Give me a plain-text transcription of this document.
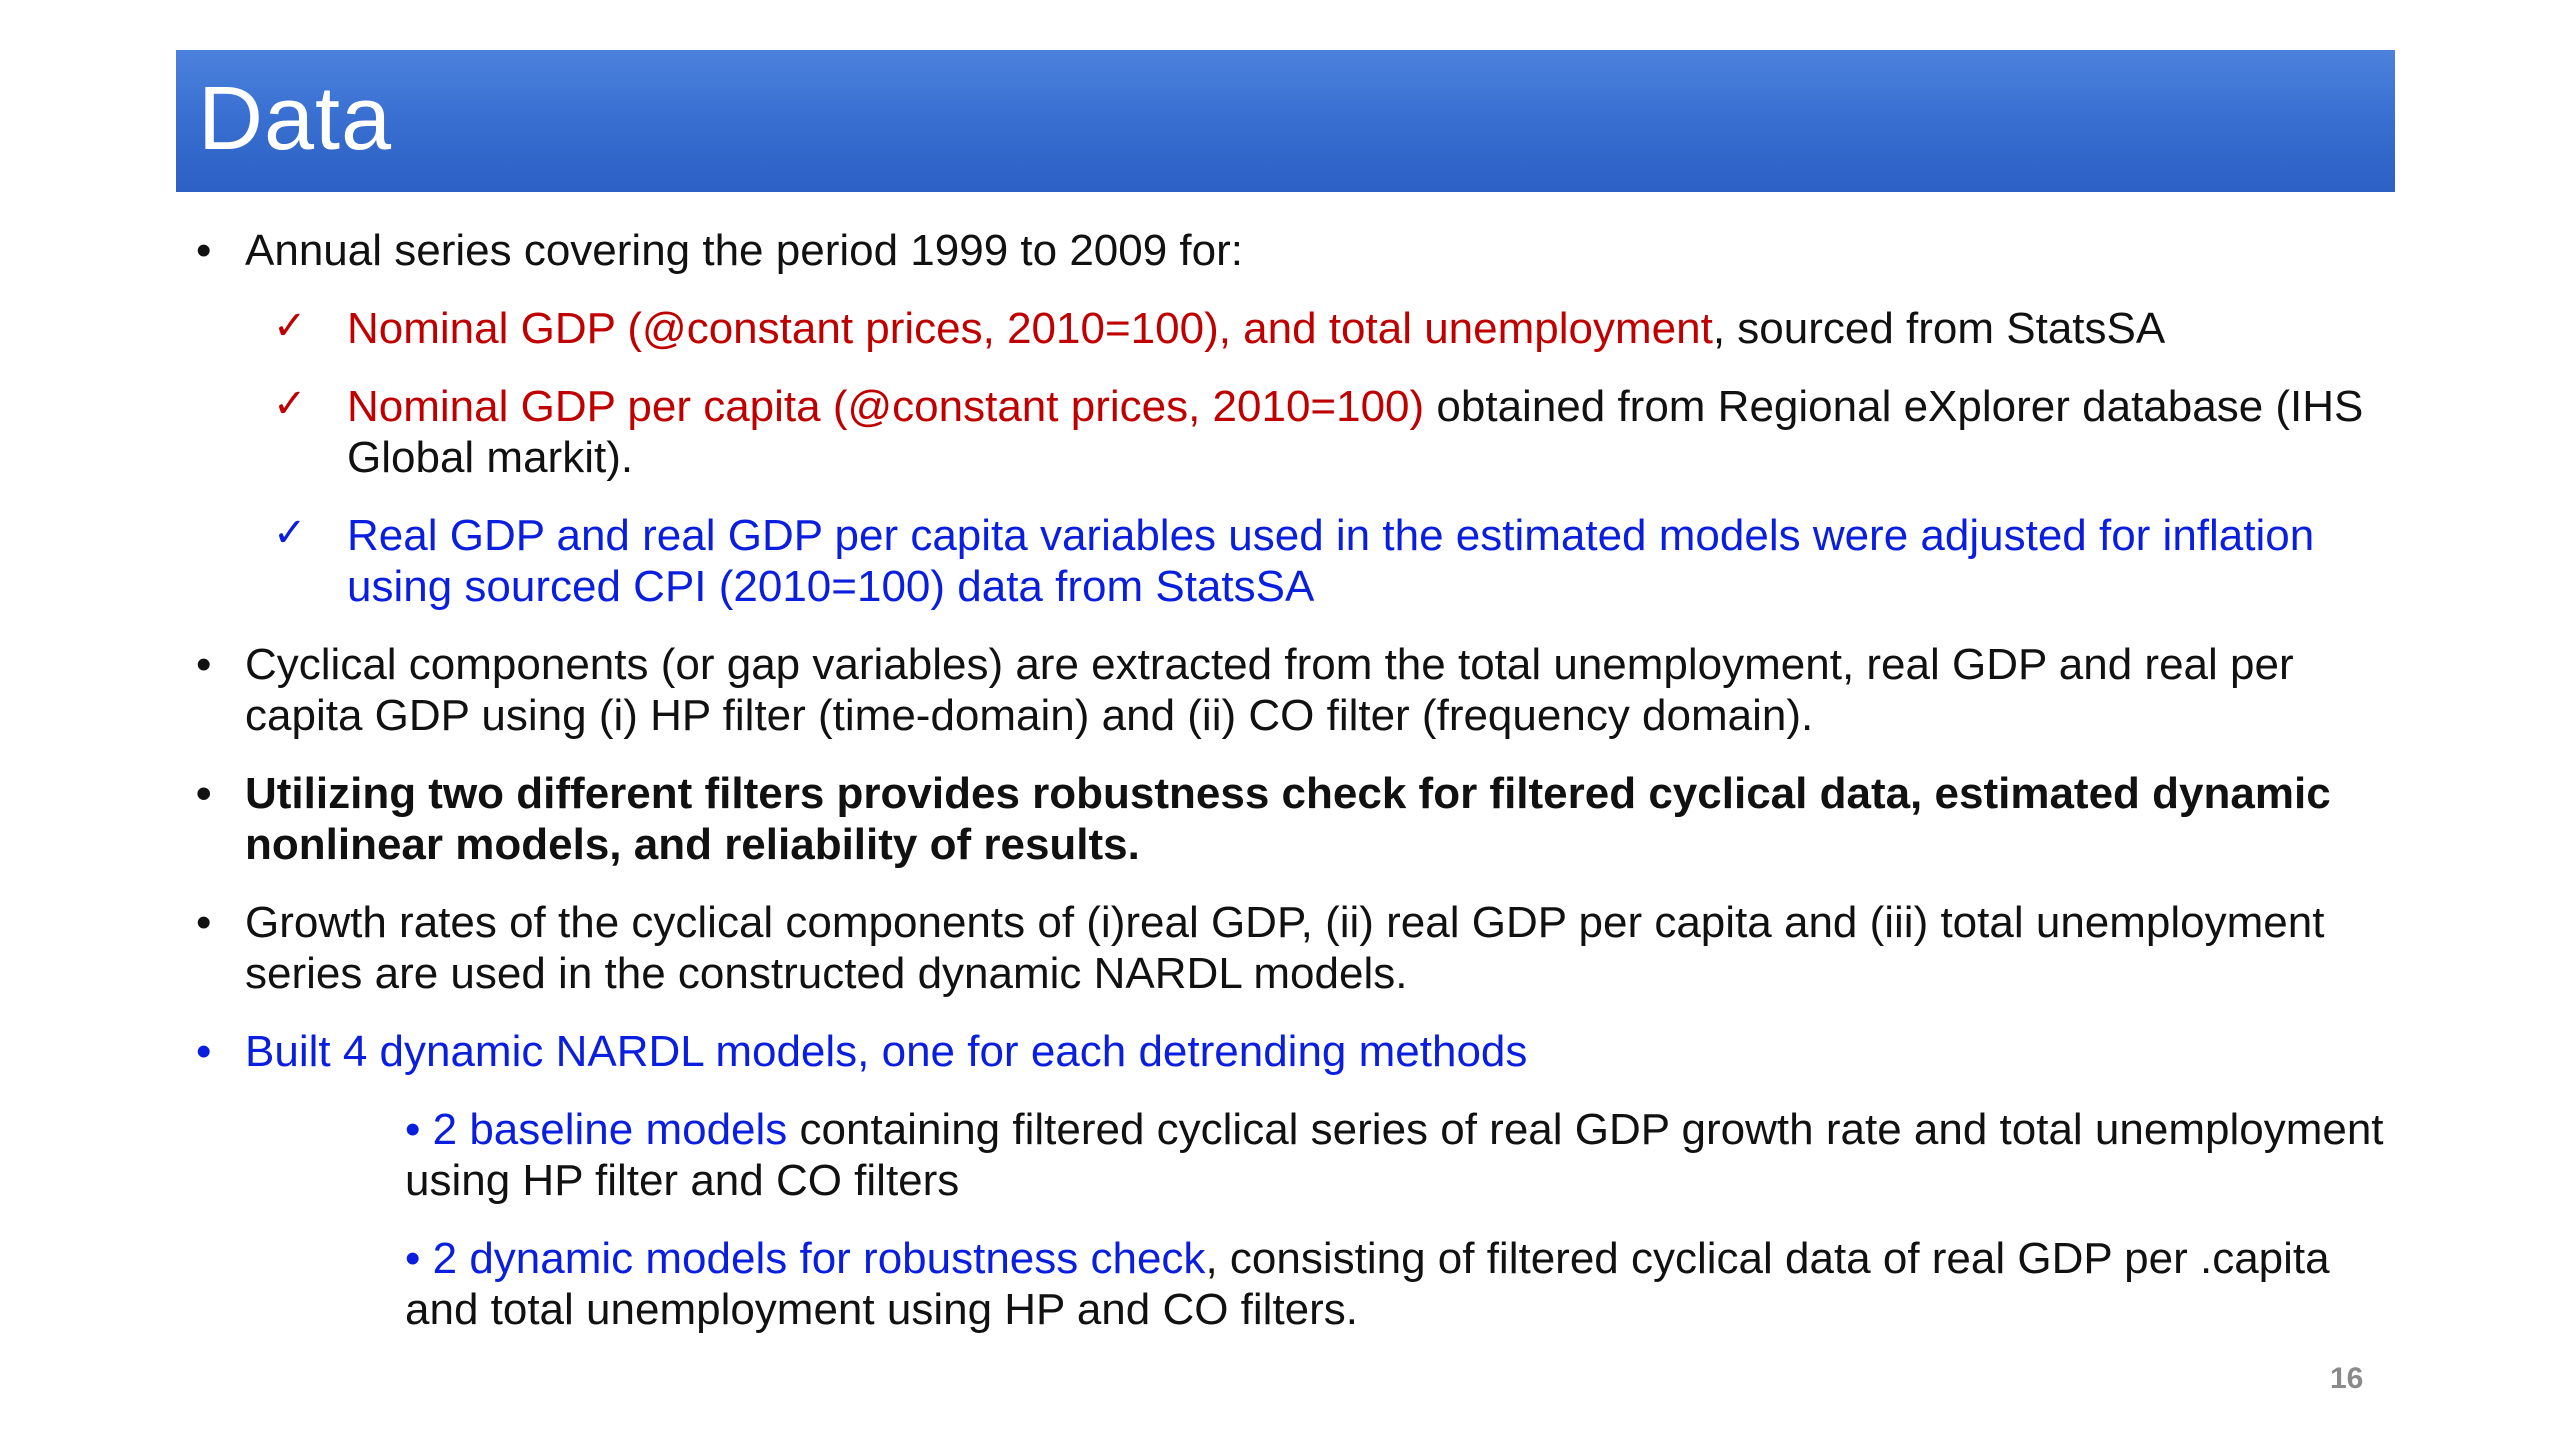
Data
• Annual series covering the period 1999 to 2009 for:
✓ Nominal GDP (@constant prices, 2010=100), and total unemployment, sourced from StatsSA
✓ Nominal GDP per capita (@constant prices, 2010=100) obtained from Regional eXplorer database (IHS Global markit).
✓ Real GDP and real GDP per capita variables used in the estimated models were adjusted for inflation using sourced CPI (2010=100) data from StatsSA
• Cyclical components (or gap variables) are extracted from the total unemployment, real GDP and real per capita GDP using (i) HP filter (time-domain) and (ii) CO filter (frequency domain).
• Utilizing two different filters provides robustness check for filtered cyclical data, estimated dynamic nonlinear models, and reliability of results.
• Growth rates of the cyclical components of (i)real GDP, (ii) real GDP per capita and (iii) total unemployment series are used in the constructed dynamic NARDL models.
• Built 4 dynamic NARDL models, one for each detrending methods
• 2 baseline models containing filtered cyclical series of real GDP growth rate and total unemployment using HP filter and CO filters
• 2 dynamic models for robustness check, consisting of filtered cyclical data of real GDP per .capita and total unemployment using HP and CO filters.
16
